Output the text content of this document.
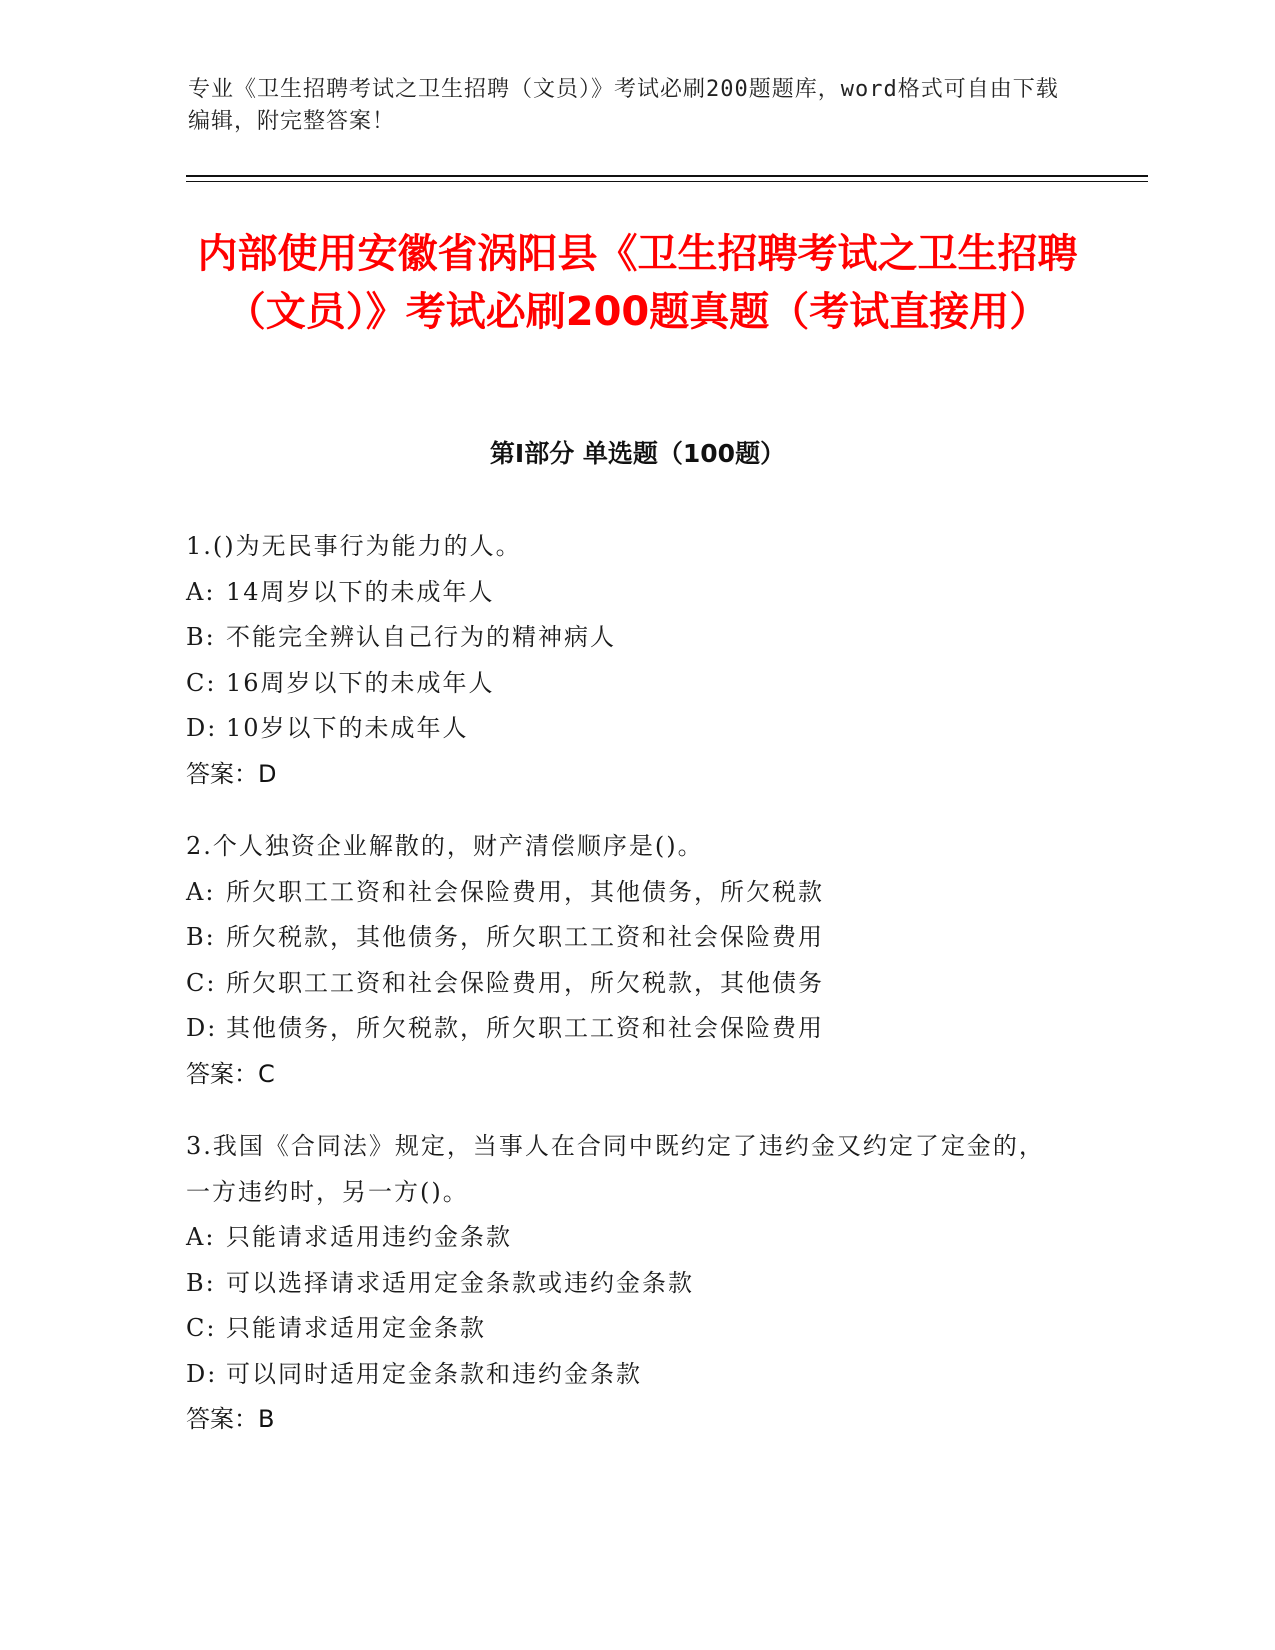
专业《卫生招聘考试之卫生招聘（文员）》考试必刷200题题库，word格式可自由下载编辑，附完整答案！
内部使用安徽省涡阳县《卫生招聘考试之卫生招聘（文员）》考试必刷200题真题（考试直接用）
第I部分 单选题（100题）
1.()为无民事行为能力的人。
A: 14周岁以下的未成年人
B: 不能完全辨认自己行为的精神病人
C: 16周岁以下的未成年人
D: 10岁以下的未成年人
答案：D
2.个人独资企业解散的，财产清偿顺序是()。
A: 所欠职工工资和社会保险费用，其他债务，所欠税款
B: 所欠税款，其他债务，所欠职工工资和社会保险费用
C: 所欠职工工资和社会保险费用，所欠税款，其他债务
D: 其他债务，所欠税款，所欠职工工资和社会保险费用
答案：C
3.我国《合同法》规定，当事人在合同中既约定了违约金又约定了定金的，一方违约时，另一方()。
A: 只能请求适用违约金条款
B: 可以选择请求适用定金条款或违约金条款
C: 只能请求适用定金条款
D: 可以同时适用定金条款和违约金条款
答案：B
